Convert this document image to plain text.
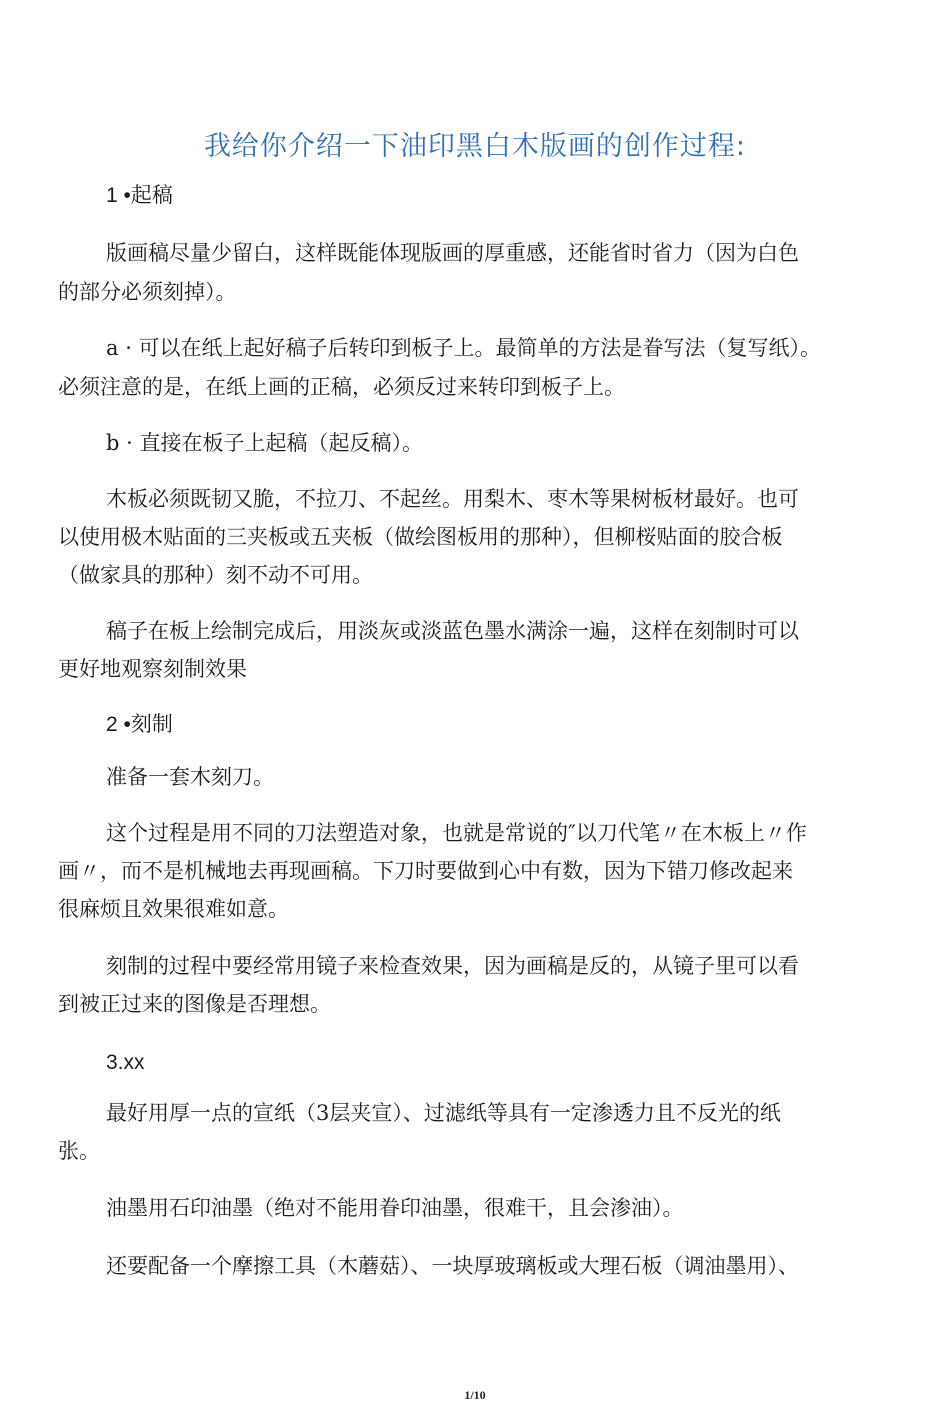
我给你介绍一下油印黑白木版画的创作过程:
1 •起稿
版画稿尽量少留白，这样既能体现版画的厚重感，还能省时省力（因为白色
的部分必须刻掉）。
a · 可以在纸上起好稿子后转印到板子上。最简单的方法是眷写法（复写纸）。
必须注意的是，在纸上画的正稿，必须反过来转印到板子上。
b · 直接在板子上起稿（起反稿）。
木板必须既韧又脆，不拉刀、不起丝。用梨木、枣木等果树板材最好。也可
以使用极木贴面的三夹板或五夹板（做绘图板用的那种），但柳桜贴面的胶合板
（做家具的那种）刻不动不可用。
稿子在板上绘制完成后，用淡灰或淡蓝色墨水满涂一遍，这样在刻制时可以
更好地观察刻制效果
2 •刻制
准备一套木刻刀。
这个过程是用不同的刀法塑造对象，也就是常说的″以刀代笔〃在木板上〃作
画〃，而不是机械地去再现画稿。下刀时要做到心中有数，因为下错刀修改起来
很麻烦且效果很难如意。
刻制的过程中要经常用镜子来检查效果，因为画稿是反的，从镜子里可以看
到被正过来的图像是否理想。
3.xx
最好用厚一点的宣纸（3层夹宣）、过滤纸等具有一定渗透力且不反光的纸
张。
油墨用石印油墨（绝对不能用眷印油墨，很难干，且会渗油）。
还要配备一个摩擦工具（木蘑菇）、一块厚玻璃板或大理石板（调油墨用）、
1/10
